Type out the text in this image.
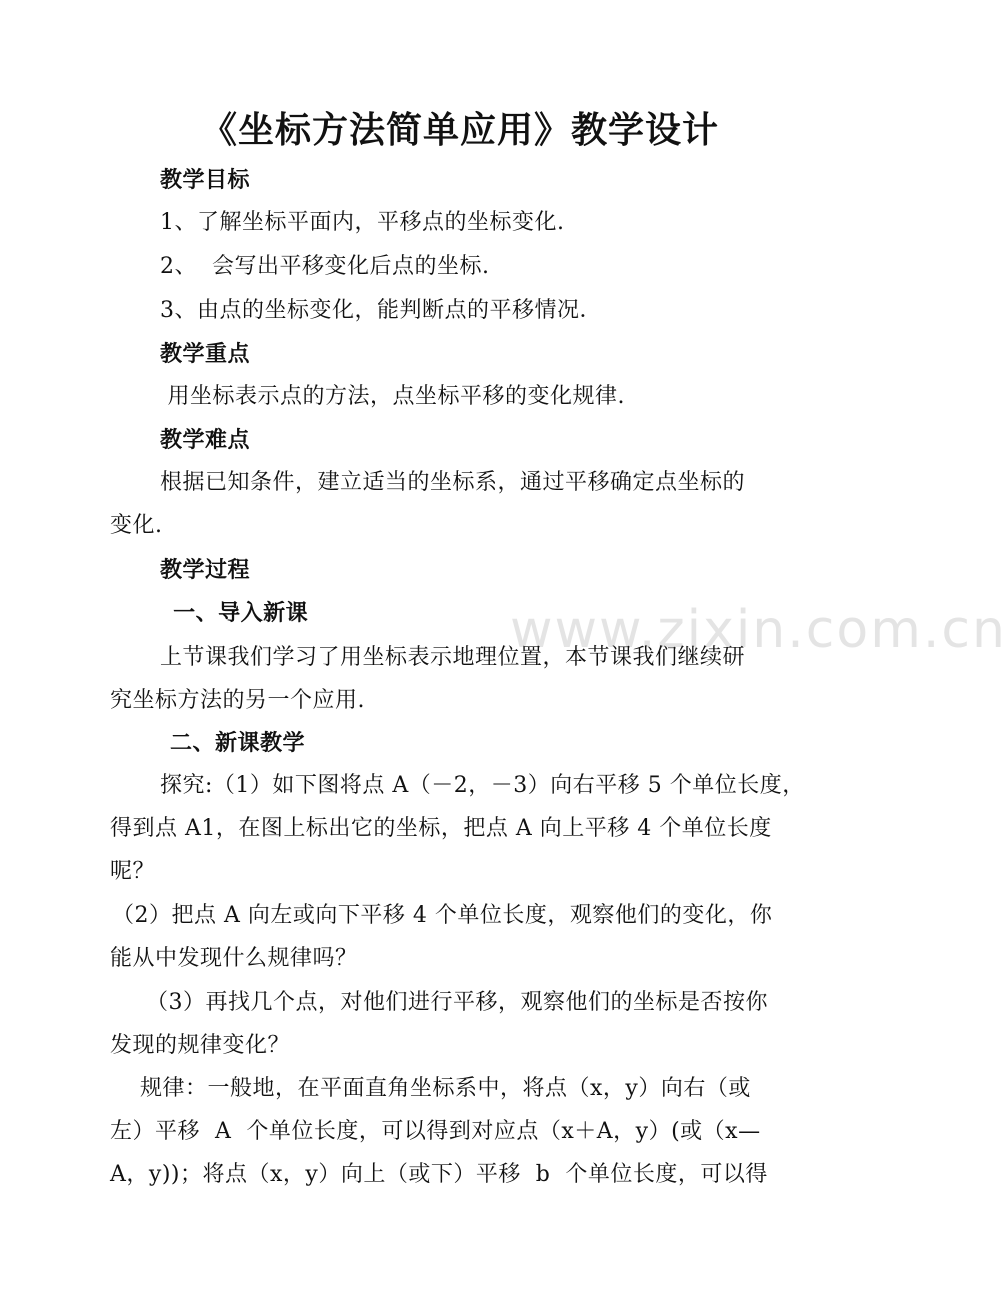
www.zixin.com.cn
《坐标方法简单应用》教学设计
教学目标
1、了解坐标平面内，平移点的坐标变化.
2、  会写出平移变化后点的坐标.
3、由点的坐标变化，能判断点的平移情况．
教学重点
用坐标表示点的方法，点坐标平移的变化规律.
教学难点
根据已知条件，建立适当的坐标系，通过平移确定点坐标的
变化.
教学过程
一、导入新课
上节课我们学习了用坐标表示地理位置，本节课我们继续研
究坐标方法的另一个应用.
二、新课教学
探究:（1）如下图将点 A（－2，－3）向右平移 5 个单位长度，
得到点 A1，在图上标出它的坐标，把点 A 向上平移 4 个单位长度
呢？
（2）把点 A 向左或向下平移 4 个单位长度，观察他们的变化，你
能从中发现什么规律吗？
（3）再找几个点，对他们进行平移，观察他们的坐标是否按你
发现的规律变化？
规律：一般地，在平面直角坐标系中，将点（x，y）向右（或
左）平移  A  个单位长度，可以得到对应点（x＋A，y）(或（x—
A，y))；将点（x，y）向上（或下）平移  b  个单位长度，可以得
